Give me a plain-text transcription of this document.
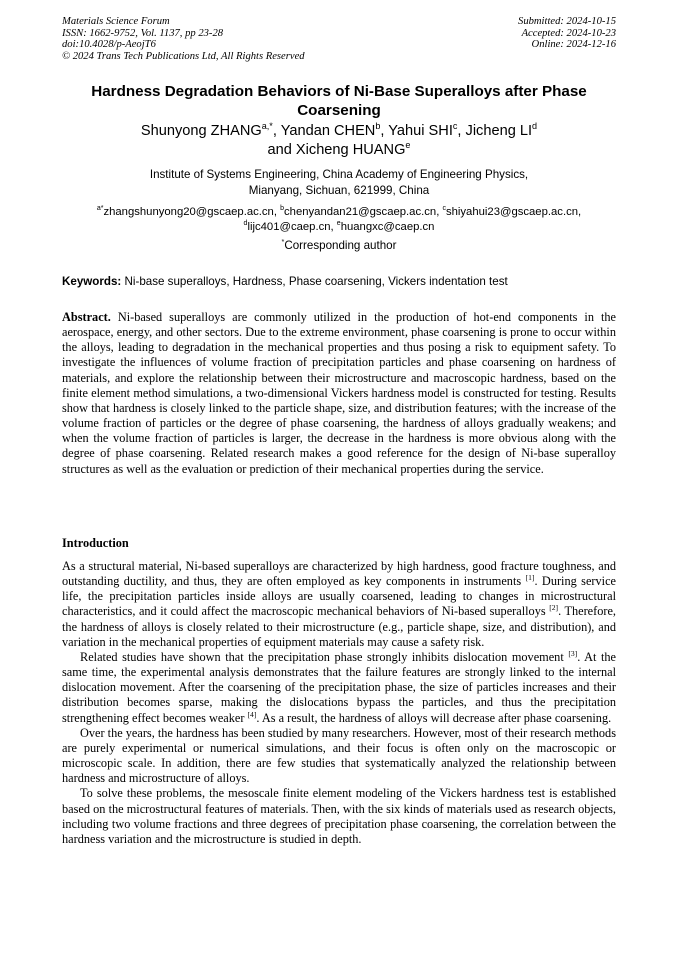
Materials Science Forum
ISSN: 1662-9752, Vol. 1137, pp 23-28
doi:10.4028/p-AeojT6
© 2024 Trans Tech Publications Ltd, All Rights Reserved
Submitted: 2024-10-15
Accepted: 2024-10-23
Online: 2024-12-16
Hardness Degradation Behaviors of Ni-Base Superalloys after Phase Coarsening
Shunyong $ZHANG^{a,*}$, Yandan CHEN$^b$, Yahui SHI$^c$, Jicheng $LI^d$
and Xicheng HUANG$^e$
Institute of Systems Engineering, China Academy of Engineering Physics,
Mianyang, Sichuan, 621999, China
$^{a*}$zhangshunyong20@gscaep.ac.cn, $^b$chenyandan21@gscaep.ac.cn, $^c$shiyahui23@gscaep.ac.cn,
$^d$lijc401@caep.cn, $^e$huangxc@caep.cn
*Corresponding author
Keywords: Ni-base superalloys, Hardness, Phase coarsening, Vickers indentation test

Abstract. Ni-based superalloys are commonly utilized in the production of hot-end components in the aerospace, energy, and other sectors. Due to the extreme environment, phase coarsening is prone to occur within the alloys, leading to degradation in the mechanical properties and thus posing a risk to equipment safety. To investigate the influences of volume fraction of precipitation particles and phase coarsening on hardness of materials, and explore the relationship between their microstructure and macroscopic hardness, based on the finite element method simulations, a two-dimensional Vickers hardness model is constructed for testing. Results show that hardness is closely linked to the particle shape, size, and distribution features; with the increase of the volume fraction of particles or the degree of phase coarsening, the hardness of alloys gradually weakens; and when the volume fraction of particles is larger, the decrease in the hardness is more obvious along with the degree of phase coarsening. Related research makes a good reference for the design of Ni-base superalloy structures as well as the evaluation or prediction of their mechanical properties during the service.

Introduction

As a structural material, Ni-based superalloys are characterized by high hardness, good fracture toughness, and outstanding ductility, and thus, they are often employed as key components in instruments [1]. During service life, the precipitation particles inside alloys are usually coarsened, leading to changes in microstructural characteristics, and it could affect the macroscopic mechanical behaviors of Ni-based superalloys [2]. Therefore, the hardness of alloys is closely related to their microstructure (e.g., particle shape, size, and distribution), and variation in the mechanical properties of equipment materials may cause a safety risk.

Related studies have shown that the precipitation phase strongly inhibits dislocation movement [3]. At the same time, the experimental analysis demonstrates that the failure features are strongly linked to the internal dislocation movement. After the coarsening of the precipitation phase, the size of particles increases and their distribution becomes sparse, making the dislocations bypass the particles, and thus the precipitation strengthening effect becomes weaker [4]. As a result, the hardness of alloys will decrease after phase coarsening.

Over the years, the hardness has been studied by many researchers. However, most of their research methods are purely experimental or numerical simulations, and their focus is often only on the macroscopic or microscopic scale. In addition, there are few studies that systematically analyzed the relationship between hardness and microstructure of alloys.

To solve these problems, the mesoscale finite element modeling of the Vickers hardness test is established based on the microstructural features of materials. Then, with the six kinds of materials used as research objects, including two volume fractions and three degrees of precipitation phase coarsening, the correlation between the hardness variation and the microstructure is studied in depth.
